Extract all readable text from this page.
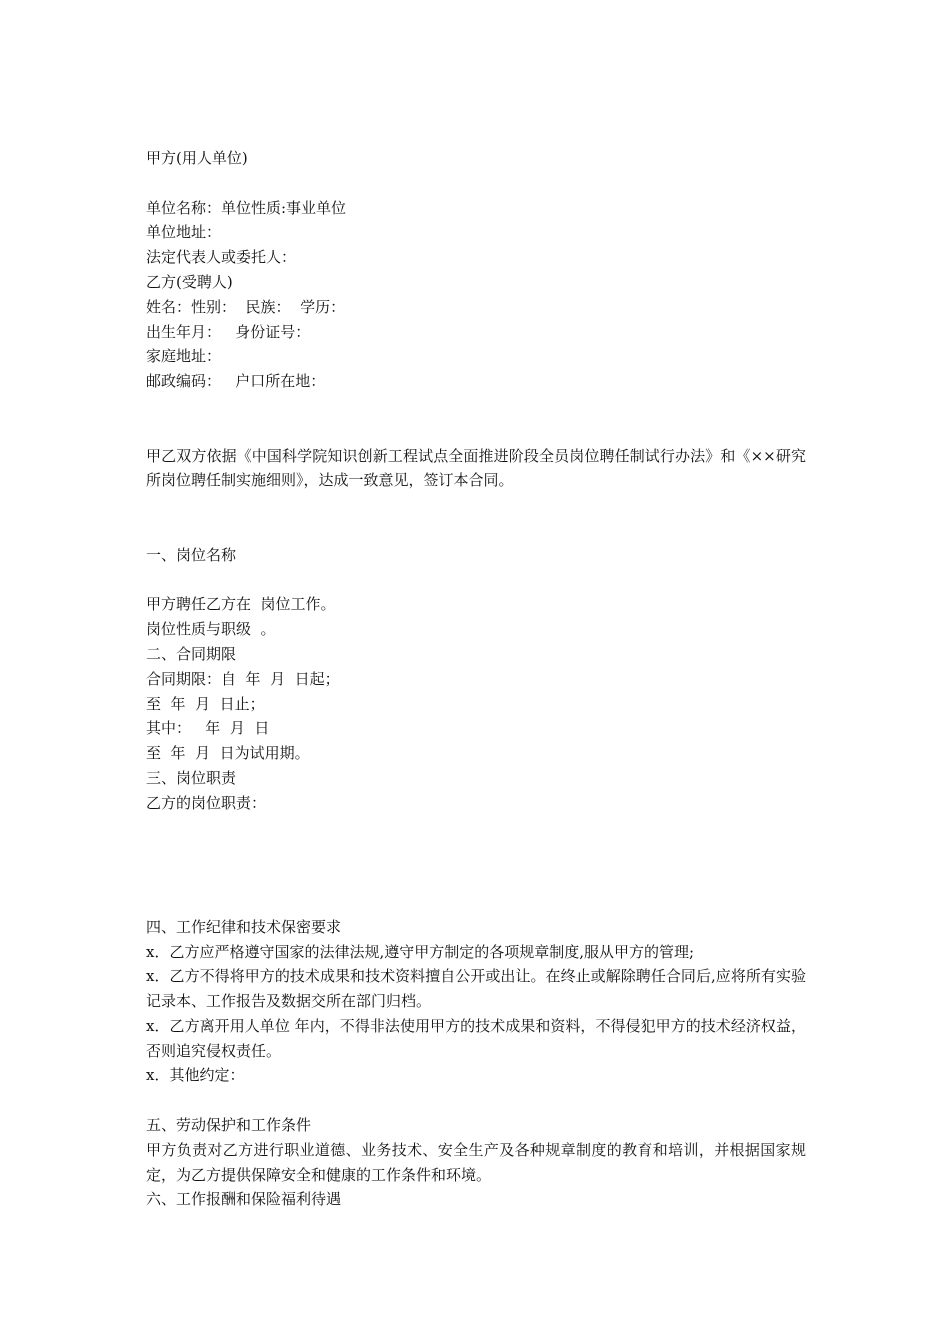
甲方(用人单位)
单位名称：单位性质:事业单位
单位地址：
法定代表人或委托人：
乙方(受聘人)
姓名：性别：  民族：  学历：
出生年月：   身份证号：
家庭地址：
邮政编码：   户口所在地：
甲乙双方依据《中国科学院知识创新工程试点全面推进阶段全员岗位聘任制试行办法》和《××研究所岗位聘任制实施细则》，达成一致意见，签订本合同。
一、岗位名称
甲方聘任乙方在  岗位工作。
岗位性质与职级  。
二、合同期限
合同期限：自  年  月  日起；
至  年  月  日止；
其中：   年  月  日
至  年  月  日为试用期。
三、岗位职责
乙方的岗位职责：
四、工作纪律和技术保密要求
x．乙方应严格遵守国家的法律法规,遵守甲方制定的各项规章制度,服从甲方的管理;
x．乙方不得将甲方的技术成果和技术资料擅自公开或出让。在终止或解除聘任合同后,应将所有实验记录本、工作报告及数据交所在部门归档。
x．乙方离开用人单位 年内，不得非法使用甲方的技术成果和资料，不得侵犯甲方的技术经济权益，否则追究侵权责任。
x．其他约定：
五、劳动保护和工作条件
甲方负责对乙方进行职业道德、业务技术、安全生产及各种规章制度的教育和培训，并根据国家规定，为乙方提供保障安全和健康的工作条件和环境。
六、工作报酬和保险福利待遇
